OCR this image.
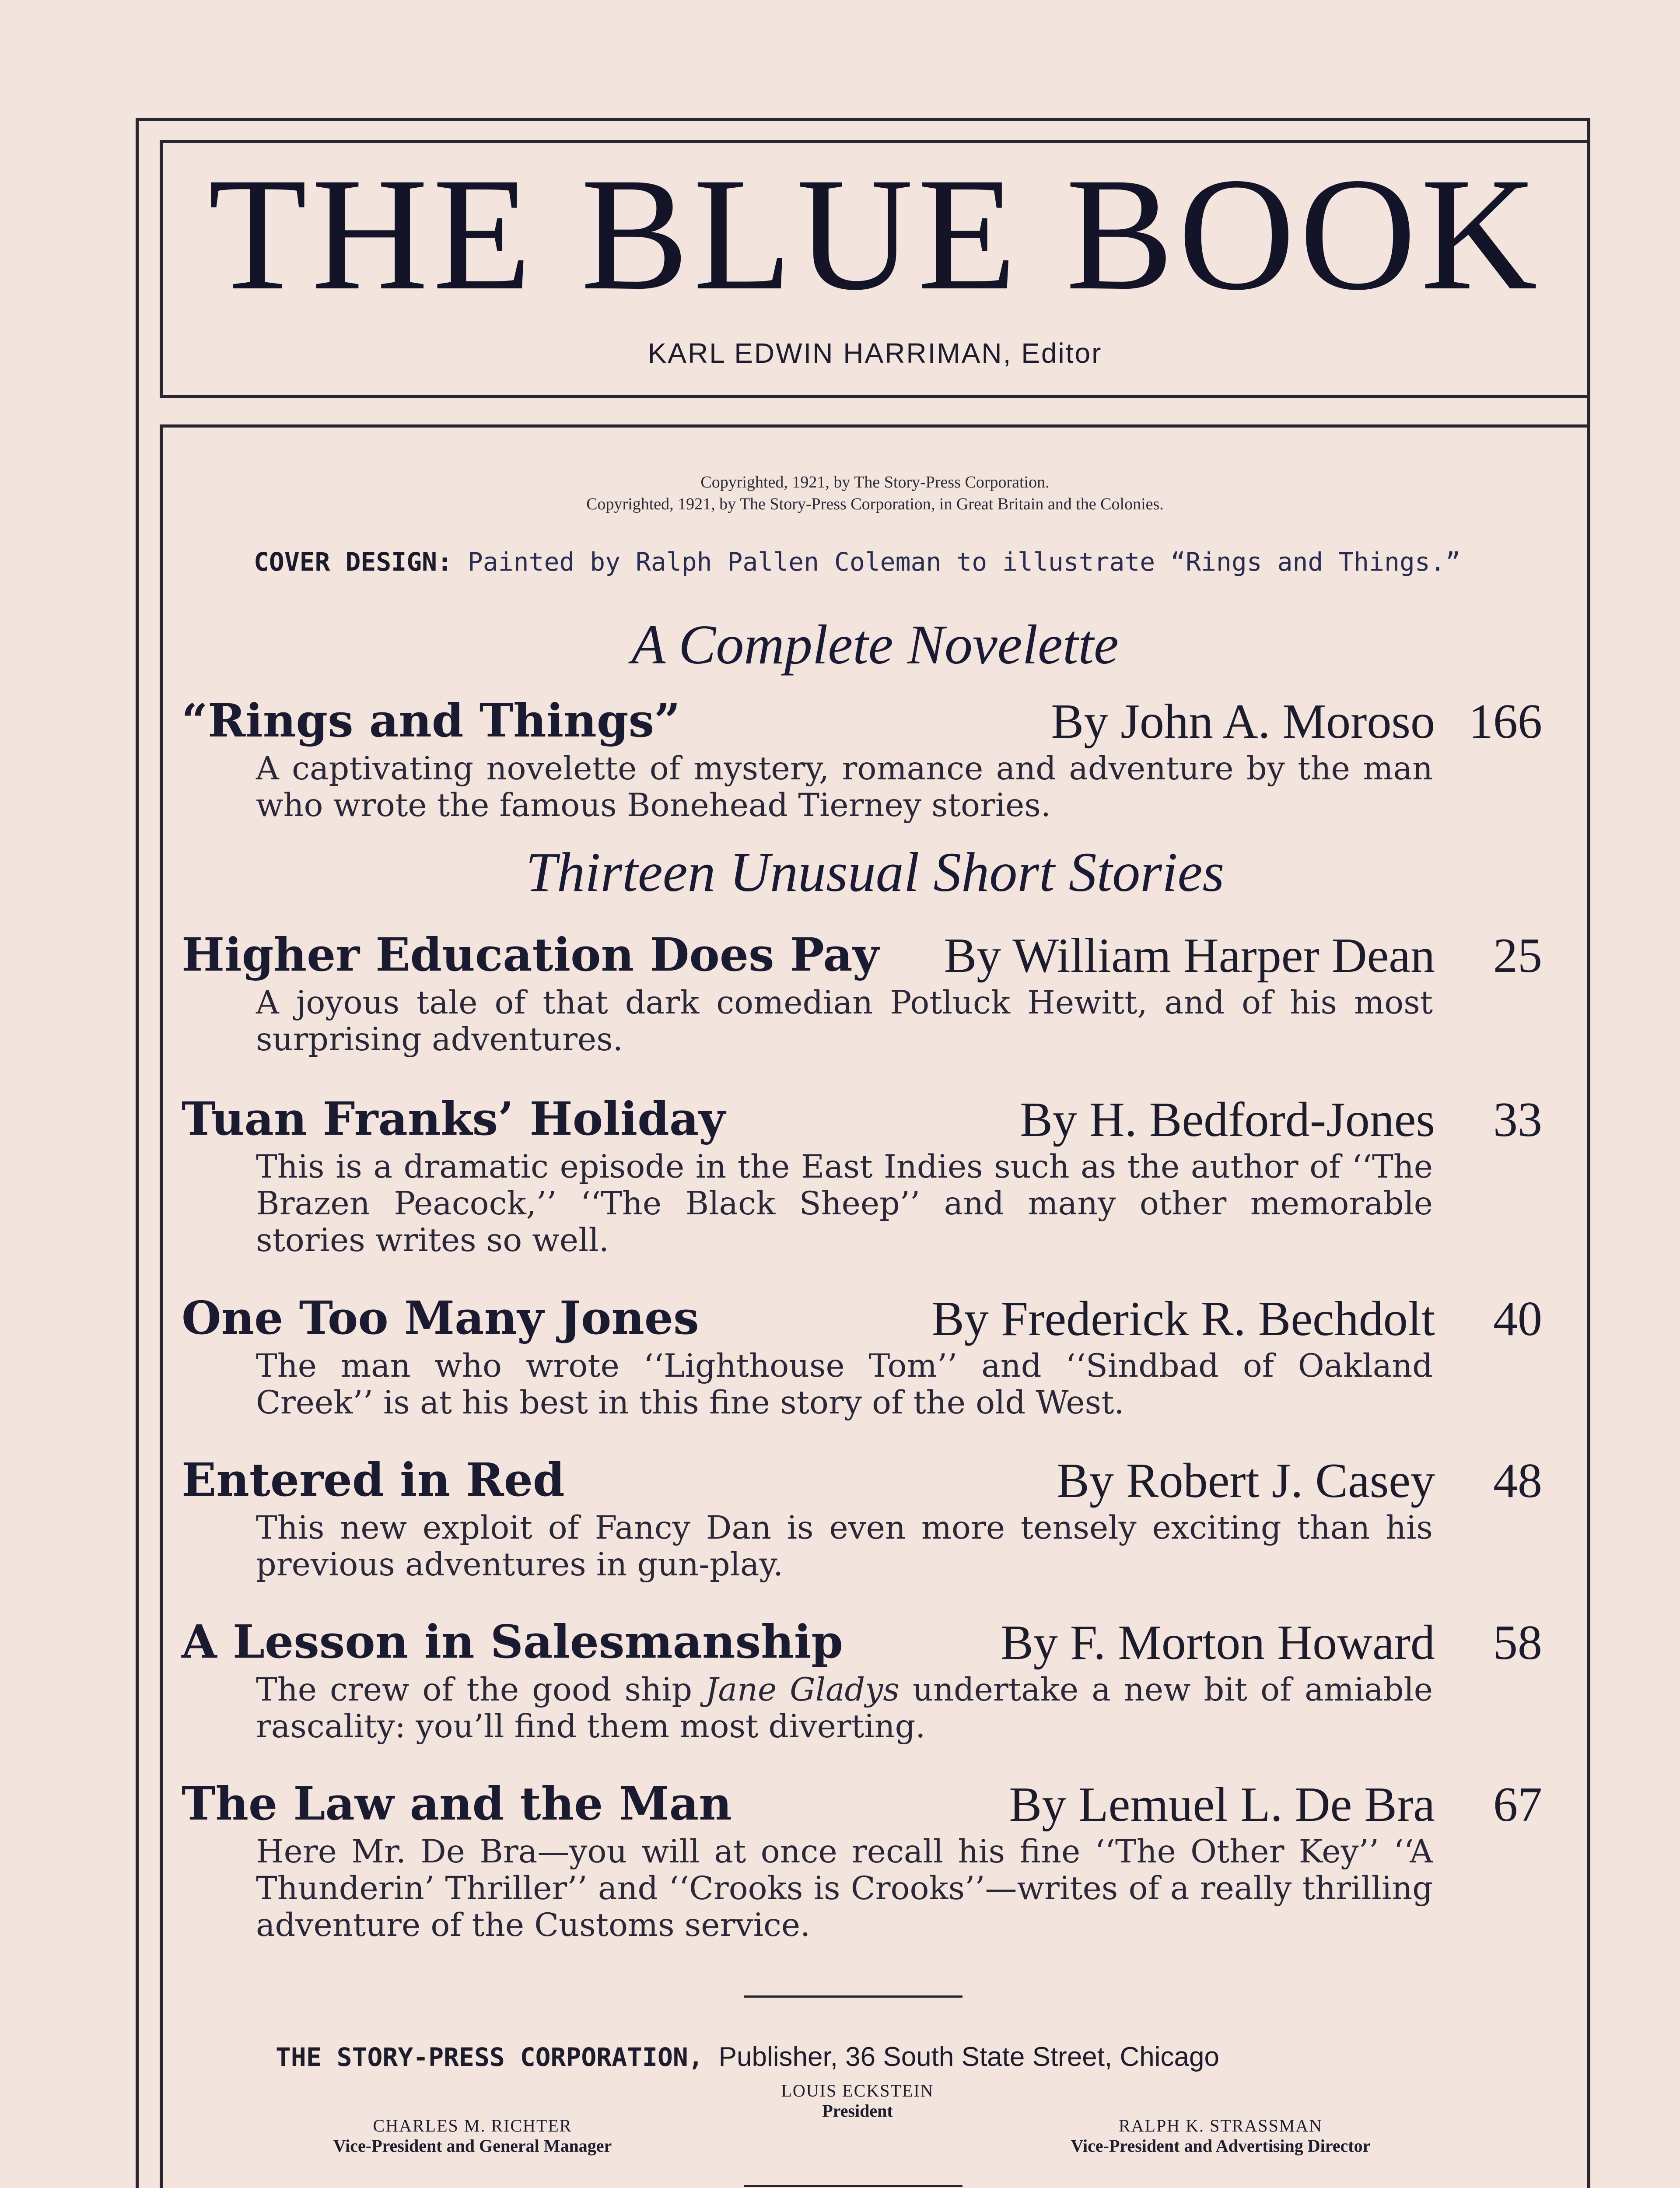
THE BLUE BOOK
KARL EDWIN HARRIMAN, Editor
Copyrighted, 1921, by The Story-Press Corporation.
Copyrighted, 1921, by The Story-Press Corporation, in Great Britain and the Colonies.
COVER DESIGN: Painted by Ralph Pallen Coleman to illustrate “Rings and Things.”
A Complete Novelette
“Rings and Things”	By John A. Moroso 166
A captivating novelette of mystery, romance and adventure by the man who wrote the famous Bonehead Tierney stories.
Thirteen Unusual Short Stories
Higher Education Does Pay By William Harper Dean 25
A joyous tale of that dark comedian Potluck Hewitt, and of his most surprising adventures.
Tuan Franks’ Holiday	By H. Bedford-Jones 33
This is a dramatic episode in the East Indies such as the author of ‘‘The Brazen Peacock,’’ ‘‘The Black Sheep’’ and many other memorable stories writes so well.
One Too Many Jones	By Frederick R. Bechdolt 40
The man who wrote ‘‘Lighthouse Tom’’ and ‘‘Sindbad of Oakland Creek’’ is at his best in this fine story of the old West.
Entered in Red	By Robert J. Casey 48
This new exploit of Fancy Dan is even more tensely exciting than his previous adventures in gun-play.
A Lesson in Salesmanship	By F. Morton Howard 58
The crew of the good ship Jane Gladys undertake a new bit of amiable rascality: you’ll find them most diverting.
The Law and the Man	By Lemuel L. De Bra 67
Here Mr. De Bra—you will at once recall his fine ‘‘The Other Key’’ ‘‘A Thunderin’ Thriller’’ and ‘‘Crooks is Crooks’’—writes of a really thrilling adventure of the Customs service.
THE STORY-PRESS CORPORATION, Publisher, 36 South State Street, Chicago
LOUIS ECKSTEIN
President
CHARLES M. RICHTER
Vice-President and General Manager
RALPH K. STRASSMAN
Vice-President and Advertising Director
